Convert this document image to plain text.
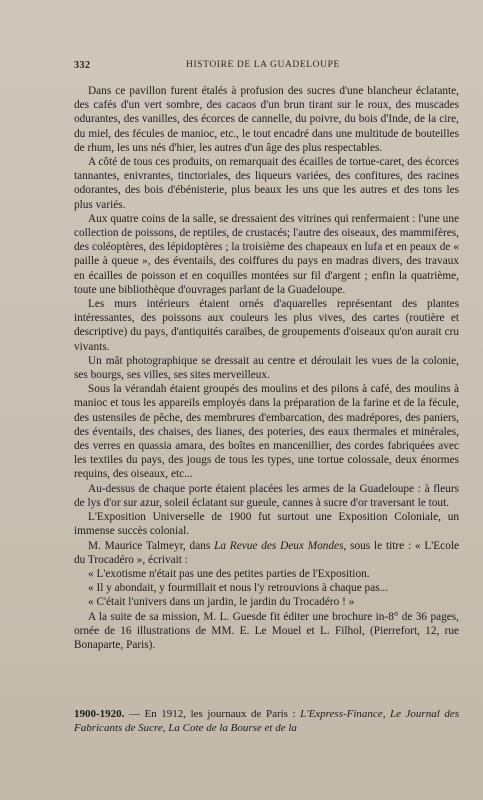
332	HISTOIRE DE LA GUADELOUPE

Dans ce pavillon furent étalés à profusion des sucres d'une blancheur éclatante, des cafés d'un vert sombre, des cacaos d'un brun tirant sur le roux, des muscades odurantes, des vanilles, des écorces de cannelle, du poivre, du bois d'Inde, de la cire, du miel, des fécules de manioc, etc., le tout encadré dans une multitude de bouteilles de rhum, les uns nés d'hier, les autres d'un âge des plus respectables.

A côté de tous ces produits, on remarquait des écailles de tortue-caret, des écorces tannantes, enivrantes, tinctoriales, des liqueurs variées, des confitures, des racines odorantes, des bois d'ébénisterie, plus beaux les uns que les autres et des tons les plus variés.

Aux quatre coins de la salle, se dressaient des vitrines qui renfermaient : l'une une collection de poissons, de reptiles, de crustacés; l'autre des oiseaux, des mammifères, des coléoptères, des lépidoptères ; la troisième des chapeaux en lufa et en peaux de « paille à queue », des éventails, des coiffures du pays en madras divers, des travaux en écailles de poisson et en coquilles montées sur fil d'argent ; enfin la quatrième, toute une bibliothèque d'ouvrages parlant de la Guadeloupe.

Les murs intérieurs étaient ornés d'aquarelles représentant des plantes intéressantes, des poissons aux couleurs les plus vives, des cartes (routière et descriptive) du pays, d'antiquités caraïbes, de groupements d'oiseaux qu'on aurait cru vivants.

Un mât photographique se dressait au centre et déroulait les vues de la colonie, ses bourgs, ses villes, ses sites merveilleux.

Sous la vérandah étaient groupés des moulins et des pilons à café, des moulins à manioc et tous les appareils employés dans la préparation de la farine et de la fécule, des ustensiles de pêche, des membrures d'embarcation, des madrépores, des paniers, des éventails, des chaises, des lianes, des poteries, des eaux thermales et minérales, des verres en quassia amara, des boîtes en mancenillier, des cordes fabriquées avec les textiles du pays, des jougs de tous les types, une tortue colossale, deux énormes requins, des oiseaux, etc...

Au-dessus de chaque porte étaient placées les armes de la Guadeloupe : à fleurs de lys d'or sur azur, soleil éclatant sur gueule, cannes à sucre d'or traversant le tout.

L'Exposition Universelle de 1900 fut surtout une Exposition Coloniale, un immense succès colonial.

M. Maurice Talmeyr, dans La Revue des Deux Mondes, sous le titre : « L'Ecole du Trocadéro », écrivait :

« L'exotisme n'était pas une des petites parties de l'Exposition.

« Il y abondait, y fourmillait et nous l'y retrouvions à chaque pas...

« C'était l'univers dans un jardin, le jardin du Trocadéro ! »

A la suite de sa mission, M. L. Guesde fit éditer une brochure in-8° de 36 pages, ornée de 16 illustrations de MM. E. Le Mouel et L. Filhol, (Pierrefort, 12, rue Bonaparte, Paris).

1900-1920. — En 1912, les journaux de Paris : L'Express-Finance, Le Journal des Fabricants de Sucre, La Cote de la Bourse et de la
